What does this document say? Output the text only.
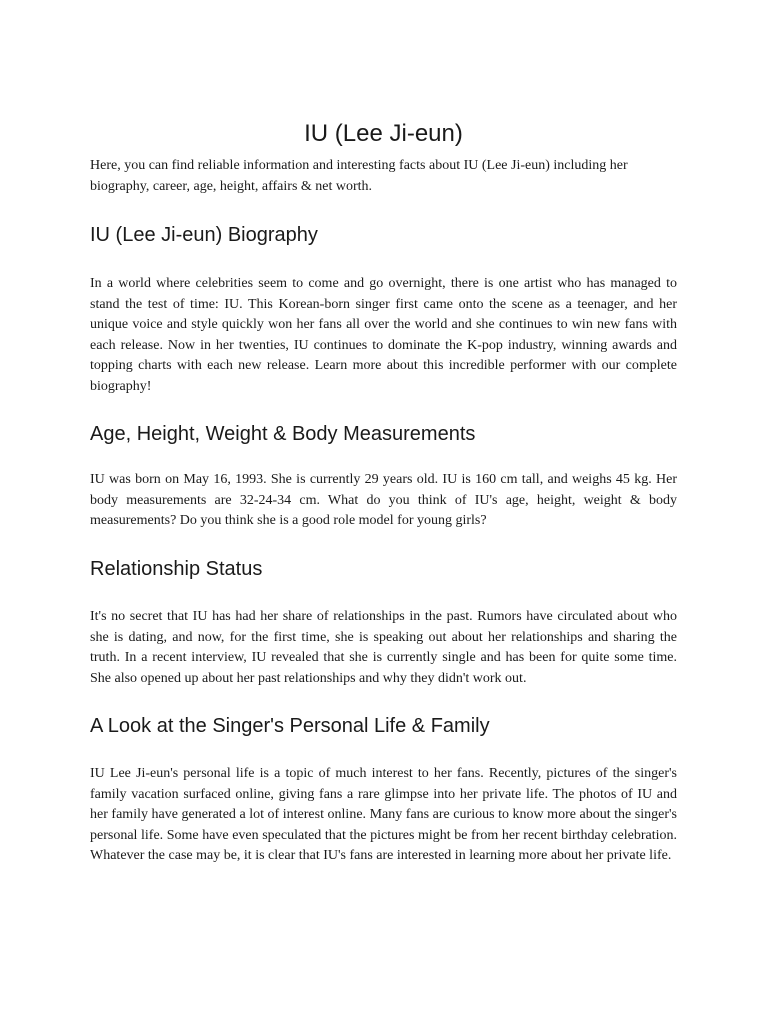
IU (Lee Ji-eun)

Here, you can find reliable information and interesting facts about IU (Lee Ji-eun) including her biography, career, age, height, affairs & net worth.

IU (Lee Ji-eun) Biography

In a world where celebrities seem to come and go overnight, there is one artist who has managed to stand the test of time: IU. This Korean-born singer first came onto the scene as a teenager, and her unique voice and style quickly won her fans all over the world and she continues to win new fans with each release. Now in her twenties, IU continues to dominate the K-pop industry, winning awards and topping charts with each new release. Learn more about this incredible performer with our complete biography!

Age, Height, Weight & Body Measurements

IU was born on May 16, 1993. She is currently 29 years old. IU is 160 cm tall, and weighs 45 kg. Her body measurements are 32-24-34 cm. What do you think of IU's age, height, weight & body measurements? Do you think she is a good role model for young girls?

Relationship Status

It's no secret that IU has had her share of relationships in the past. Rumors have circulated about who she is dating, and now, for the first time, she is speaking out about her relationships and sharing the truth. In a recent interview, IU revealed that she is currently single and has been for quite some time. She also opened up about her past relationships and why they didn't work out.

A Look at the Singer's Personal Life & Family

IU Lee Ji-eun's personal life is a topic of much interest to her fans. Recently, pictures of the singer's family vacation surfaced online, giving fans a rare glimpse into her private life. The photos of IU and her family have generated a lot of interest online. Many fans are curious to know more about the singer's personal life. Some have even speculated that the pictures might be from her recent birthday celebration. Whatever the case may be, it is clear that IU's fans are interested in learning more about her private life.
